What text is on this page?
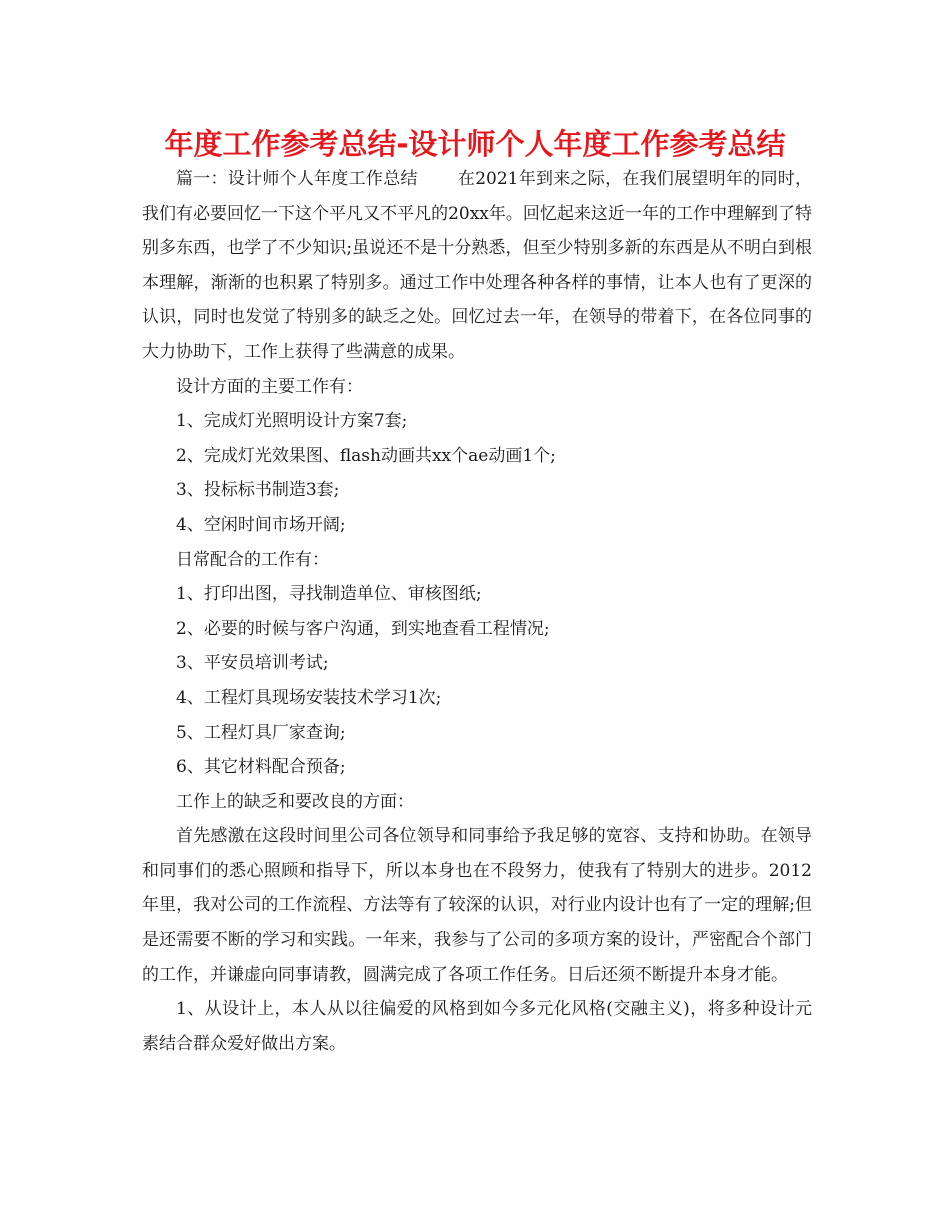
年度工作参考总结-设计师个人年度工作参考总结

篇一：设计师个人年度工作总结　　 在2021年到来之际，在我们展望明年的同时，我们有必要回忆一下这个平凡又不平凡的20xx年。回忆起来这近一年的工作中理解到了特别多东西，也学了不少知识;虽说还不是十分熟悉，但至少特别多新的东西是从不明白到根本理解，渐渐的也积累了特别多。通过工作中处理各种各样的事情，让本人也有了更深的认识，同时也发觉了特别多的缺乏之处。回忆过去一年，在领导的带着下，在各位同事的大力协助下，工作上获得了些满意的成果。

设计方面的主要工作有：

1、完成灯光照明设计方案7套;

2、完成灯光效果图、flash动画共xx个ae动画1个;

3、投标标书制造3套;

4、空闲时间市场开阔;

日常配合的工作有：

1、打印出图，寻找制造单位、审核图纸;

2、必要的时候与客户沟通，到实地查看工程情况;

3、平安员培训考试;

4、工程灯具现场安装技术学习1次;

5、工程灯具厂家查询;

6、其它材料配合预备;

工作上的缺乏和要改良的方面：

首先感激在这段时间里公司各位领导和同事给予我足够的宽容、支持和协助。在领导和同事们的悉心照顾和指导下，所以本身也在不段努力，使我有了特别大的进步。2012年里，我对公司的工作流程、方法等有了较深的认识，对行业内设计也有了一定的理解;但是还需要不断的学习和实践。一年来，我参与了公司的多项方案的设计，严密配合个部门的工作，并谦虚向同事请教，圆满完成了各项工作任务。日后还须不断提升本身才能。

1、从设计上，本人从以往偏爱的风格到如今多元化风格(交融主义)，将多种设计元素结合群众爱好做出方案。
